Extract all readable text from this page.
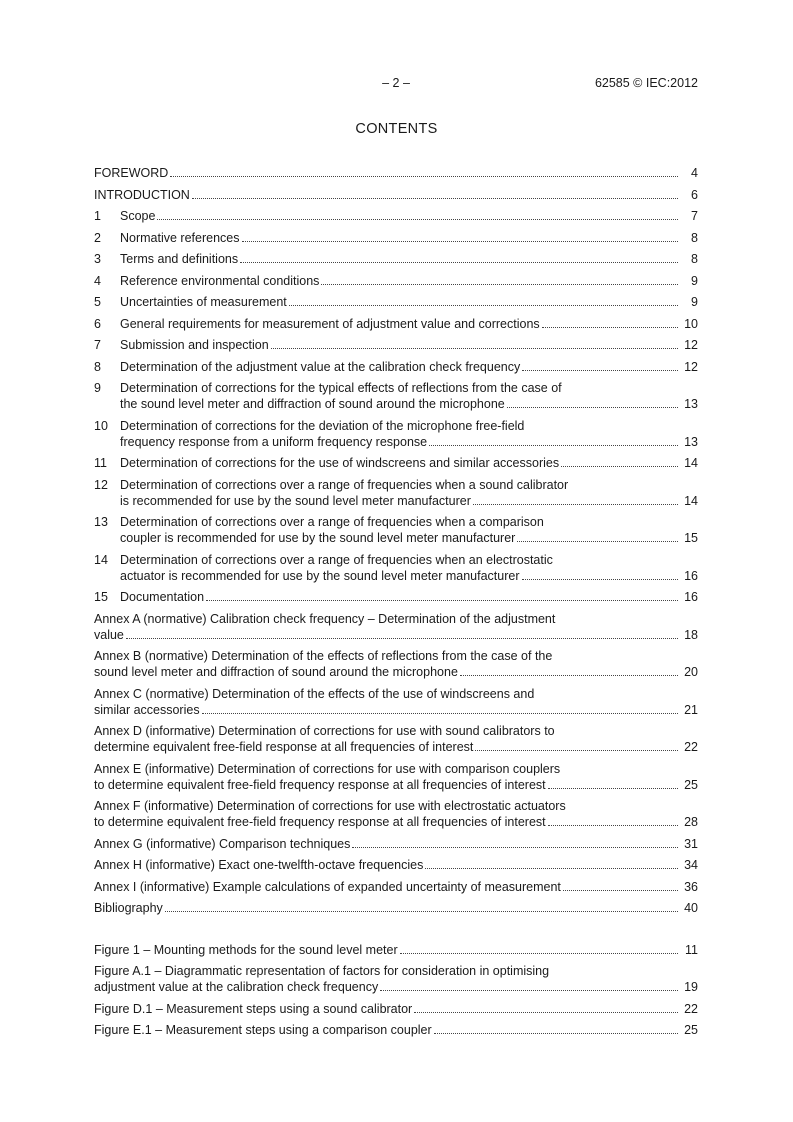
– 2 –	62585 © IEC:2012
CONTENTS
FOREWORD	4
INTRODUCTION	6
1	Scope	7
2	Normative references	8
3	Terms and definitions	8
4	Reference environmental conditions	9
5	Uncertainties of measurement	9
6	General requirements for measurement of adjustment value and corrections	10
7	Submission and inspection	12
8	Determination of the adjustment value at the calibration check frequency	12
9	Determination of corrections for the typical effects of reflections from the case of
the sound level meter and diffraction of sound around the microphone	13
10 Determination of corrections for the deviation of the microphone free-field
frequency response from a uniform frequency response	13
11	Determination of corrections for the use of windscreens and similar accessories	14
12 Determination of corrections over a range of frequencies when a sound calibrator
is recommended for use by the sound level meter manufacturer	14
13 Determination of corrections over a range of frequencies when a comparison
coupler is recommended for use by the sound level meter manufacturer	15
14 Determination of corrections over a range of frequencies when an electrostatic
actuator is recommended for use by the sound level meter manufacturer	16
15 Documentation	16
Annex A (normative) Calibration check frequency – Determination of the adjustment
value	18
Annex B (normative) Determination of the effects of reflections from the case of the
sound level meter and diffraction of sound around the microphone	20
Annex C (normative) Determination of the effects of the use of windscreens and
similar accessories	21
Annex D (informative) Determination of corrections for use with sound calibrators to
determine equivalent free-field response at all frequencies of interest	22
Annex E (informative) Determination of corrections for use with comparison couplers
to determine equivalent free-field frequency response at all frequencies of interest	25
Annex F (informative) Determination of corrections for use with electrostatic actuators
to determine equivalent free-field frequency response at all frequencies of interest	28
Annex G (informative) Comparison techniques	31
Annex H (informative) Exact one-twelfth-octave frequencies	34
Annex I (informative) Example calculations of expanded uncertainty of measurement	36
Bibliography	40
Figure 1 – Mounting methods for the sound level meter	11
Figure A.1 – Diagrammatic representation of factors for consideration in optimising
adjustment value at the calibration check frequency	19
Figure D.1 – Measurement steps using a sound calibrator	22
Figure E.1 – Measurement steps using a comparison coupler	25
